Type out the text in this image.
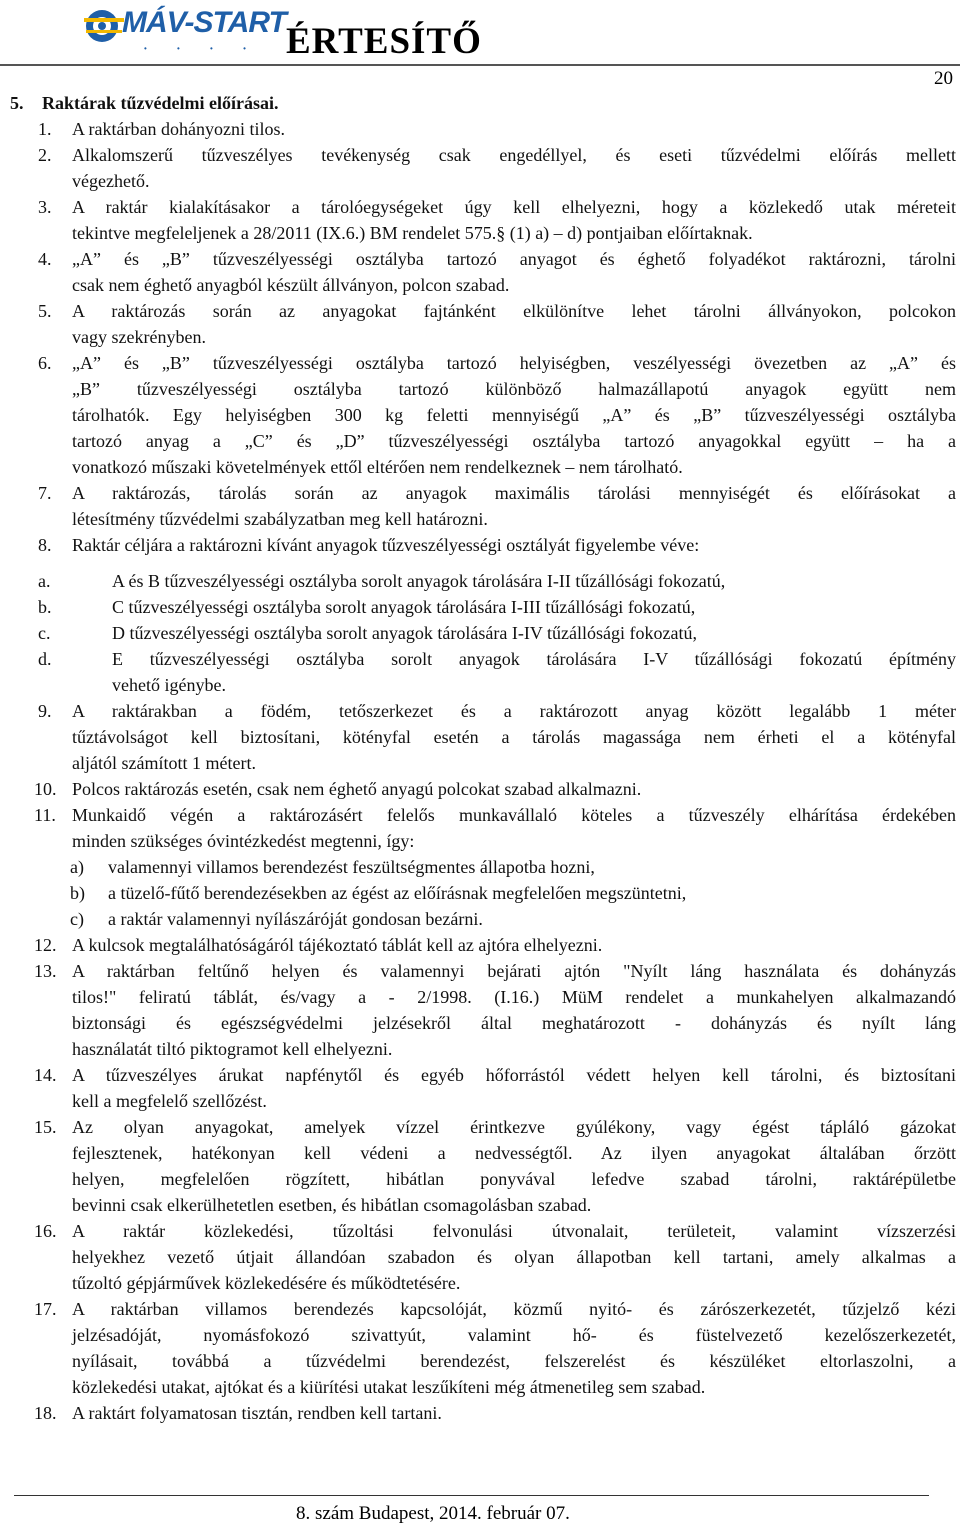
MÁV-START
• • • • ÉRTESÍTŐ
20
5. Raktárak tűzvédelmi előírásai.
1. A raktárban dohányozni tilos.
2. Alkalomszerű tűzveszélyes tevékenység csak engedéllyel, és eseti tűzvédelmi előírás mellett
végezhető.
3. A raktár kialakításakor a tárolóegységeket úgy kell elhelyezni, hogy a közlekedő utak méreteit
tekintve megfeleljenek a 28/2011 (IX.6.) BM rendelet 575.§ (1) a) – d) pontjaiban előírtaknak.
4. „A” és „B” tűzveszélyességi osztályba tartozó anyagot és éghető folyadékot raktározni, tárolni
csak nem éghető anyagból készült állványon, polcon szabad.
5. A raktározás során az anyagokat fajtánként elkülönítve lehet tárolni állványokon, polcokon
vagy szekrényben.
6. „A” és „B” tűzveszélyességi osztályba tartozó helyiségben, veszélyességi övezetben az „A” és
„B” tűzveszélyességi osztályba tartozó különböző halmazállapotú anyagok együtt nem
tárolhatók. Egy helyiségben 300 kg feletti mennyiségű „A” és „B” tűzveszélyességi osztályba
tartozó anyag a „C” és „D” tűzveszélyességi osztályba tartozó anyagokkal együtt – ha a
vonatkozó műszaki követelmények ettől eltérően nem rendelkeznek – nem tárolható.
7. A raktározás, tárolás során az anyagok maximális tárolási mennyiségét és előírásokat a
létesítmény tűzvédelmi szabályzatban meg kell határozni.
8. Raktár céljára a raktározni kívánt anyagok tűzveszélyességi osztályát figyelembe véve:
a.	A és B tűzveszélyességi osztályba sorolt anyagok tárolására I-II tűzállósági fokozatú,
b.	C tűzveszélyességi osztályba sorolt anyagok tárolására I-III tűzállósági fokozatú,
c.	D tűzveszélyességi osztályba sorolt anyagok tárolására I-IV tűzállósági fokozatú,
d.	E tűzveszélyességi osztályba sorolt anyagok tárolására I-V tűzállósági fokozatú építmény
vehető igénybe.
9. A raktárakban a födém, tetőszerkezet és a raktározott anyag között legalább 1 méter
tűztávolságot kell biztosítani, kötényfal esetén a tárolás magassága nem érheti el a kötényfal
aljától számított 1 métert.
10. Polcos raktározás esetén, csak nem éghető anyagú polcokat szabad alkalmazni.
11. Munkaidő végén a raktározásért felelős munkavállaló köteles a tűzveszély elhárítása érdekében
minden szükséges óvintézkedést megtenni, így:
a) valamennyi villamos berendezést feszültségmentes állapotba hozni,
b) a tüzelő-fűtő berendezésekben az égést az előírásnak megfelelően megszüntetni,
c) a raktár valamennyi nyílászáróját gondosan bezárni.
12. A kulcsok megtalálhatóságáról tájékoztató táblát kell az ajtóra elhelyezni.
13. A raktárban feltűnő helyen és valamennyi bejárati ajtón "Nyílt láng használata és dohányzás
tilos!" feliratú táblát, és/vagy a - 2/1998. (I.16.) MüM rendelet a munkahelyen alkalmazandó
biztonsági és egészségvédelmi jelzésekről által meghatározott - dohányzás és nyílt láng
használatát tiltó piktogramot kell elhelyezni.
14. A tűzveszélyes árukat napfénytől és egyéb hőforrástól védett helyen kell tárolni, és biztosítani
kell a megfelelő szellőzést.
15. Az olyan anyagokat, amelyek vízzel érintkezve gyúlékony, vagy égést tápláló gázokat
fejlesztenek, hatékonyan kell védeni a nedvességtől. Az ilyen anyagokat általában őrzött
helyen, megfelelően rögzített, hibátlan ponyvával lefedve szabad tárolni, raktárépületbe
bevinni csak elkerülhetetlen esetben, és hibátlan csomagolásban szabad.
16. A raktár közlekedési, tűzoltási felvonulási útvonalait, területeit, valamint vízszerzési
helyekhez vezető útjait állandóan szabadon és olyan állapotban kell tartani, amely alkalmas a
tűzoltó gépjárművek közlekedésére és működtetésére.
17. A raktárban villamos berendezés kapcsolóját, közmű nyitó- és zárószerkezetét, tűzjelző kézi
jelzésadóját, nyomásfokozó szivattyút, valamint hő- és füstelvezető kezelőszerkezetét,
nyílásait, továbbá a tűzvédelmi berendezést, felszerelést és készüléket eltorlaszolni, a
közlekedési utakat, ajtókat és a kiürítési utakat leszűkíteni még átmenetileg sem szabad.
18. A raktárt folyamatosan tisztán, rendben kell tartani.
8. szám Budapest, 2014. február 07.
